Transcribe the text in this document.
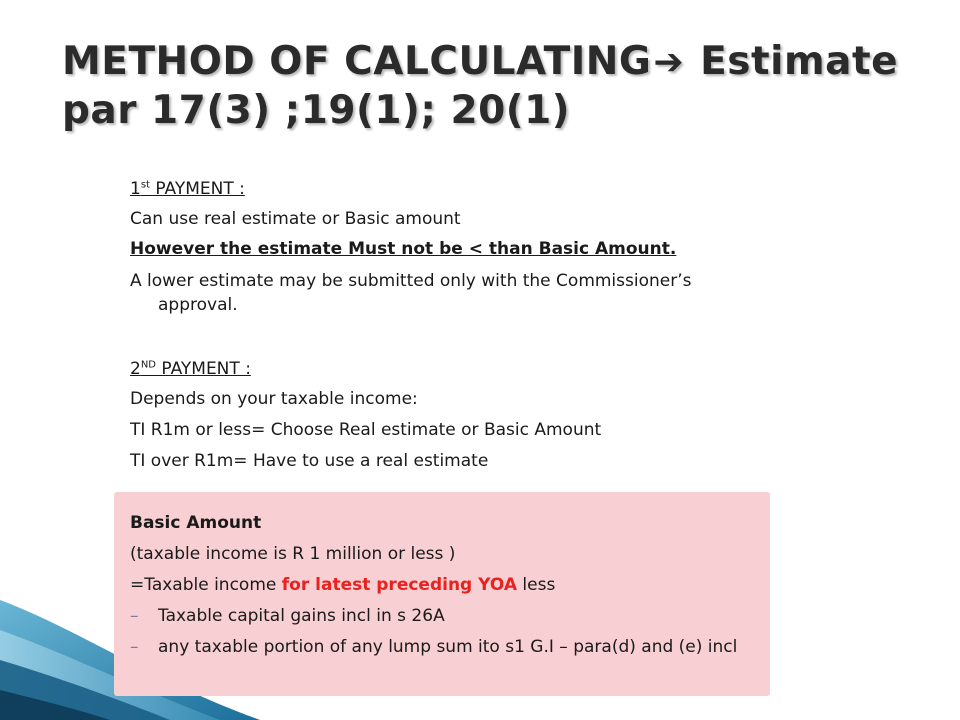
METHOD OF CALCULATING➔ Estimate
par 17(3) ;19(1); 20(1)
1st PAYMENT :
Can use real estimate or Basic amount
However the estimate Must not be < than Basic Amount.
A lower estimate may be submitted only with the Commissioner’s
approval.
2ND PAYMENT :
Depends on your taxable income:
TI R1m or less= Choose Real estimate or Basic Amount
TI over R1m= Have to use a real estimate
Basic Amount
(taxable income is R 1 million or less )
=Taxable income for latest preceding YOA less
– Taxable capital gains incl in s 26A
– any taxable portion of any lump sum ito s1 G.I – para(d) and (e) incl
